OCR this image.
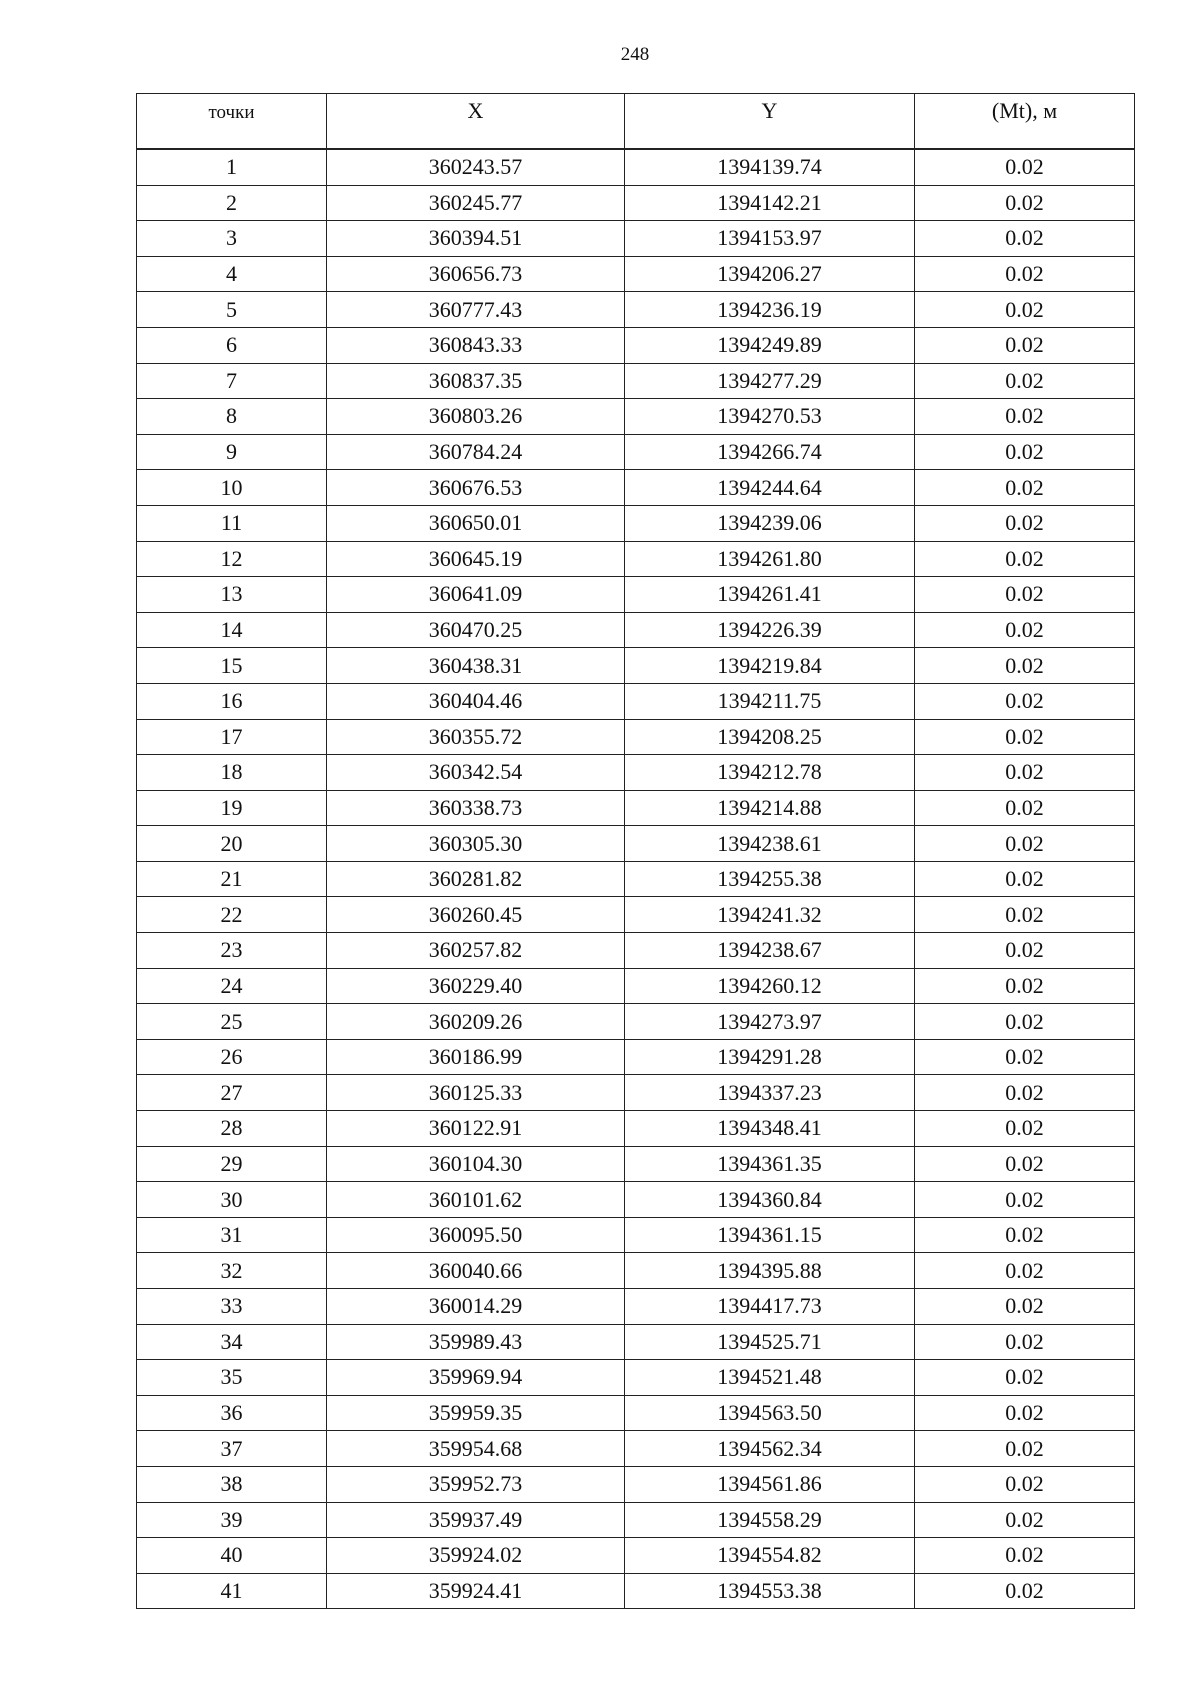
248
точки	X	Y	(Mt), м
1	360243.57	1394139.74	0.02
2	360245.77	1394142.21	0.02
3	360394.51	1394153.97	0.02
4	360656.73	1394206.27	0.02
5	360777.43	1394236.19	0.02
6	360843.33	1394249.89	0.02
7	360837.35	1394277.29	0.02
8	360803.26	1394270.53	0.02
9	360784.24	1394266.74	0.02
10	360676.53	1394244.64	0.02
11	360650.01	1394239.06	0.02
12	360645.19	1394261.80	0.02
13	360641.09	1394261.41	0.02
14	360470.25	1394226.39	0.02
15	360438.31	1394219.84	0.02
16	360404.46	1394211.75	0.02
17	360355.72	1394208.25	0.02
18	360342.54	1394212.78	0.02
19	360338.73	1394214.88	0.02
20	360305.30	1394238.61	0.02
21	360281.82	1394255.38	0.02
22	360260.45	1394241.32	0.02
23	360257.82	1394238.67	0.02
24	360229.40	1394260.12	0.02
25	360209.26	1394273.97	0.02
26	360186.99	1394291.28	0.02
27	360125.33	1394337.23	0.02
28	360122.91	1394348.41	0.02
29	360104.30	1394361.35	0.02
30	360101.62	1394360.84	0.02
31	360095.50	1394361.15	0.02
32	360040.66	1394395.88	0.02
33	360014.29	1394417.73	0.02
34	359989.43	1394525.71	0.02
35	359969.94	1394521.48	0.02
36	359959.35	1394563.50	0.02
37	359954.68	1394562.34	0.02
38	359952.73	1394561.86	0.02
39	359937.49	1394558.29	0.02
40	359924.02	1394554.82	0.02
41	359924.41	1394553.38	0.02
